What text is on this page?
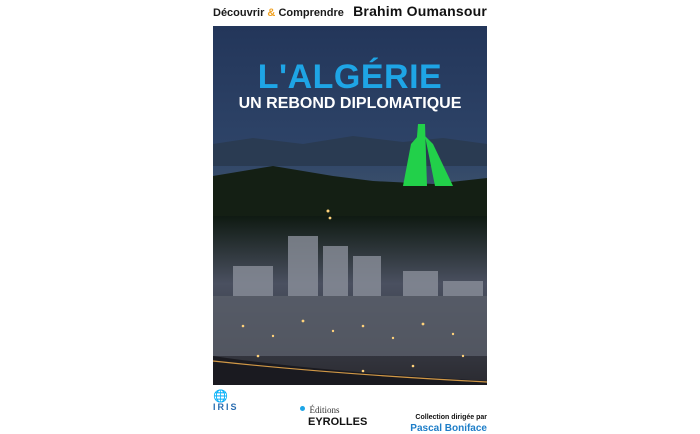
Découvrir & Comprendre Brahim Oumansour
L'ALGÉRIE
UN REBOND DIPLOMATIQUE
🌐
IRIS	Éditions
EYROLLES	Collection dirigée par
Pascal Boniface
